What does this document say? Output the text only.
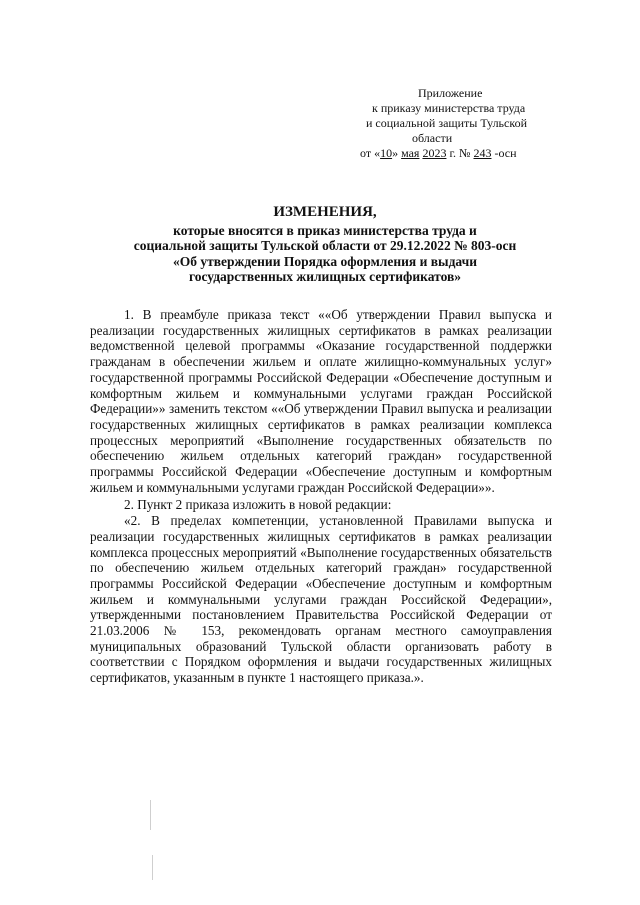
Приложение
к приказу министерства труда
и социальной защиты Тульской
области
от «10» мая 2023 г. № 243 -осн
ИЗМЕНЕНИЯ,
которые вносятся в приказ министерства труда и
социальной защиты Тульской области от 29.12.2022 № 803-осн
«Об утверждении Порядка оформления и выдачи
государственных жилищных сертификатов»

1. В преамбуле приказа текст ««Об утверждении Правил выпуска и реализации государственных жилищных сертификатов в рамках реализации ведомственной целевой программы «Оказание государственной поддержки гражданам в обеспечении жильем и оплате жилищно-коммунальных услуг» государственной программы Российской Федерации «Обеспечение доступным и комфортным жильем и коммунальными услугами граждан Российской Федерации»» заменить текстом ««Об утверждении Правил выпуска и реализации государственных жилищных сертификатов в рамках реализации комплекса процессных мероприятий «Выполнение государственных обязательств по обеспечению жильем отдельных категорий граждан» государственной программы Российской Федерации «Обеспечение доступным и комфортным жильем и коммунальными услугами граждан Российской Федерации»».

2. Пункт 2 приказа изложить в новой редакции:

«2. В пределах компетенции, установленной Правилами выпуска и реализации государственных жилищных сертификатов в рамках реализации комплекса процессных мероприятий «Выполнение государственных обязательств по обеспечению жильем отдельных категорий граждан» государственной программы Российской Федерации «Обеспечение доступным и комфортным жильем и коммунальными услугами граждан Российской Федерации», утвержденными постановлением Правительства Российской Федерации от 21.03.2006 № 153, рекомендовать органам местного самоуправления муниципальных образований Тульской области организовать работу в соответствии с Порядком оформления и выдачи государственных жилищных сертификатов, указанным в пункте 1 настоящего приказа.».
